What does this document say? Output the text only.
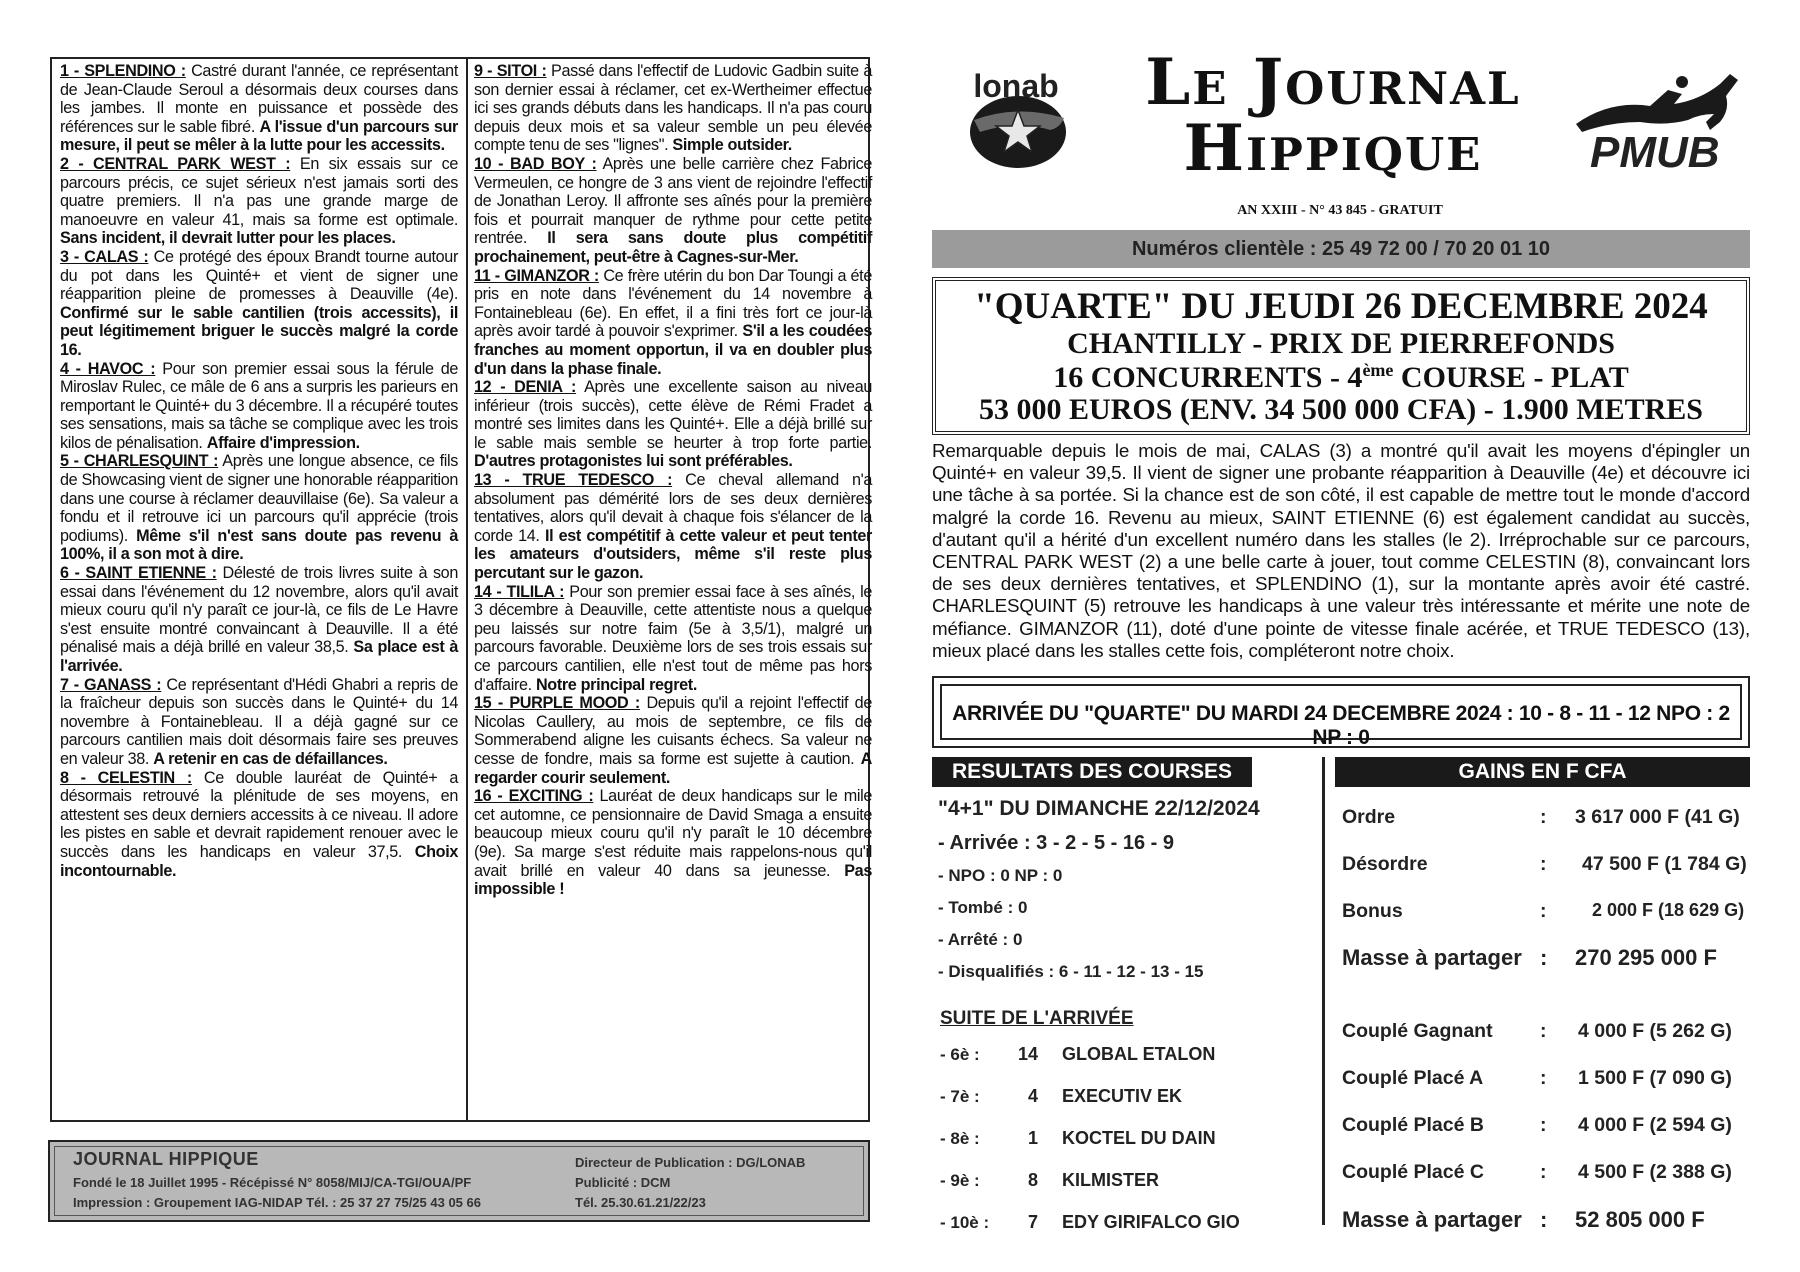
1 - SPLENDINO : Castré durant l'année, ce représentant de Jean-Claude Seroul a désormais deux courses dans les jambes. Il monte en puissance et possède des références sur le sable fibré. A l'issue d'un parcours sur mesure, il peut se mêler à la lutte pour les accessits.

2 - CENTRAL PARK WEST : En six essais sur ce parcours précis, ce sujet sérieux n'est jamais sorti des quatre premiers. Il n'a pas une grande marge de manoeuvre en valeur 41, mais sa forme est optimale. Sans incident, il devrait lutter pour les places.

3 - CALAS : Ce protégé des époux Brandt tourne autour du pot dans les Quinté+ et vient de signer une réapparition pleine de promesses à Deauville (4e). Confirmé sur le sable cantilien (trois accessits), il peut légitimement briguer le succès malgré la corde 16.

4 - HAVOC : Pour son premier essai sous la férule de Miroslav Rulec, ce mâle de 6 ans a surpris les parieurs en remportant le Quinté+ du 3 décembre. Il a récupéré toutes ses sensations, mais sa tâche se complique avec les trois kilos de pénalisation. Affaire d'impression.

5 - CHARLESQUINT : Après une longue absence, ce fils de Showcasing vient de signer une honorable réapparition dans une course à réclamer deauvillaise (6e). Sa valeur a fondu et il retrouve ici un parcours qu'il apprécie (trois podiums). Même s'il n'est sans doute pas revenu à 100%, il a son mot à dire.

6 - SAINT ETIENNE : Délesté de trois livres suite à son essai dans l'événement du 12 novembre, alors qu'il avait mieux couru qu'il n'y paraît ce jour-là, ce fils de Le Havre s'est ensuite montré convaincant à Deauville. Il a été pénalisé mais a déjà brillé en valeur 38,5. Sa place est à l'arrivée.

7 - GANASS : Ce représentant d'Hédi Ghabri a repris de la fraîcheur depuis son succès dans le Quinté+ du 14 novembre à Fontainebleau. Il a déjà gagné sur ce parcours cantilien mais doit désormais faire ses preuves en valeur 38. A retenir en cas de défaillances.

8 - CELESTIN : Ce double lauréat de Quinté+ a désormais retrouvé la plénitude de ses moyens, en attestent ses deux derniers accessits à ce niveau. Il adore les pistes en sable et devrait rapidement renouer avec le succès dans les handicaps en valeur 37,5. Choix incontournable.

9 - SITOI : Passé dans l'effectif de Ludovic Gadbin suite à son dernier essai à réclamer, cet ex-Wertheimer effectue ici ses grands débuts dans les handicaps. Il n'a pas couru depuis deux mois et sa valeur semble un peu élevée compte tenu de ses "lignes". Simple outsider.

10 - BAD BOY : Après une belle carrière chez Fabrice Vermeulen, ce hongre de 3 ans vient de rejoindre l'effectif de Jonathan Leroy. Il affronte ses aînés pour la première fois et pourrait manquer de rythme pour cette petite rentrée. Il sera sans doute plus compétitif prochainement, peut-être à Cagnes-sur-Mer.

11 - GIMANZOR : Ce frère utérin du bon Dar Toungi a été pris en note dans l'événement du 14 novembre à Fontainebleau (6e). En effet, il a fini très fort ce jour-là après avoir tardé à pouvoir s'exprimer. S'il a les coudées franches au moment opportun, il va en doubler plus d'un dans la phase finale.

12 - DENIA : Après une excellente saison au niveau inférieur (trois succès), cette élève de Rémi Fradet a montré ses limites dans les Quinté+. Elle a déjà brillé sur le sable mais semble se heurter à trop forte partie. D'autres protagonistes lui sont préférables.

13 - TRUE TEDESCO : Ce cheval allemand n'a absolument pas démérité lors de ses deux dernières tentatives, alors qu'il devait à chaque fois s'élancer de la corde 14. Il est compétitif à cette valeur et peut tenter les amateurs d'outsiders, même s'il reste plus percutant sur le gazon.

14 - TILILA : Pour son premier essai face à ses aînés, le 3 décembre à Deauville, cette attentiste nous a quelque peu laissés sur notre faim (5e à 3,5/1), malgré un parcours favorable. Deuxième lors de ses trois essais sur ce parcours cantilien, elle n'est tout de même pas hors d'affaire. Notre principal regret.

15 - PURPLE MOOD : Depuis qu'il a rejoint l'effectif de Nicolas Caullery, au mois de septembre, ce fils de Sommerabend aligne les cuisants échecs. Sa valeur ne cesse de fondre, mais sa forme est sujette à caution. A regarder courir seulement.

16 - EXCITING : Lauréat de deux handicaps sur le mile cet automne, ce pensionnaire de David Smaga a ensuite beaucoup mieux couru qu'il n'y paraît le 10 décembre (9e). Sa marge s'est réduite mais rappelons-nous qu'il avait brillé en valeur 40 dans sa jeunesse. Pas impossible !

JOURNAL HIPPIQUE
Fondé le 18 Juillet 1995 - Récépissé N° 8058/MIJ/CA-TGI/OUA/PF
Impression : Groupement IAG-NIDAP Tél. : 25 37 27 75/25 43 05 66
Directeur de Publication : DG/LONAB
Publicité : DCM
Tél. 25.30.61.21/22/23
lonab	Le Journal
Hippique	PMUB
AN XXIII - N° 43 845 - GRATUIT
Numéros clientèle : 25 49 72 00 / 70 20 01 10
"QUARTE" DU JEUDI 26 DECEMBRE 2024
CHANTILLY - PRIX DE PIERREFONDS
16 CONCURRENTS - 4ème COURSE - PLAT
53 000 EUROS (ENV. 34 500 000 CFA) - 1.900 METRES
Remarquable depuis le mois de mai, CALAS (3) a montré qu'il avait les moyens d'épingler un Quinté+ en valeur 39,5. Il vient de signer une probante réapparition à Deauville (4e) et découvre ici une tâche à sa portée. Si la chance est de son côté, il est capable de mettre tout le monde d'accord malgré la corde 16. Revenu au mieux, SAINT ETIENNE (6) est également candidat au succès, d'autant qu'il a hérité d'un excellent numéro dans les stalles (le 2). Irréprochable sur ce parcours, CENTRAL PARK WEST (2) a une belle carte à jouer, tout comme CELESTIN (8), convaincant lors de ses deux dernières tentatives, et SPLENDINO (1), sur la montante après avoir été castré. CHARLESQUINT (5) retrouve les handicaps à une valeur très intéressante et mérite une note de méfiance. GIMANZOR (11), doté d'une pointe de vitesse finale acérée, et TRUE TEDESCO (13), mieux placé dans les stalles cette fois, compléteront notre choix.
ARRIVÉE DU "QUARTE" DU MARDI 24 DECEMBRE 2024 : 10 - 8 - 11 - 12 NPO : 2 NP : 0
RESULTATS DES COURSES	GAINS EN F CFA
"4+1" DU DIMANCHE 22/12/2024
- Arrivée : 3 - 2 - 5 - 16 - 9
- NPO : 0 NP : 0
- Tombé : 0
- Arrêté : 0
- Disqualifiés : 6 - 11 - 12 - 13 - 15
SUITE DE L'ARRIVÉE
- 6è : 14 GLOBAL ETALON
- 7è :	4 EXECUTIV EK
- 8è :	1 KOCTEL DU DAIN
- 9è :	8 KILMISTER
- 10è : 7 EDY GIRIFALCO GIO
Ordre	: 3 617 000 F (41 G)
Désordre	: 47 500 F (1 784 G)
Bonus	:	2 000 F (18 629 G)
Masse à partager : 270 295 000 F
Couplé Gagnant : 4 000 F (5 262 G)
Couplé Placé A	: 1 500 F (7 090 G)
Couplé Placé B	: 4 000 F (2 594 G)
Couplé Placé C	: 4 500 F (2 388 G)
Masse à partager : 52 805 000 F
